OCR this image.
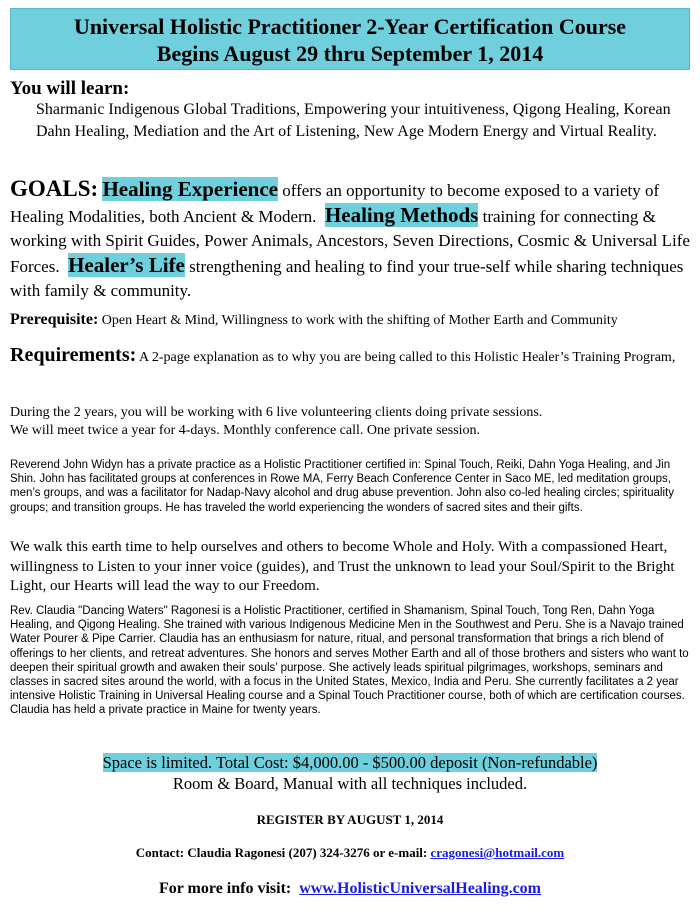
Universal Holistic Practitioner 2-Year Certification Course
Begins August 29 thru September 1, 2014
You will learn:
Sharmanic Indigenous Global Traditions, Empowering your intuitiveness, Qigong Healing, Korean Dahn Healing, Mediation and the Art of Listening, New Age Modern Energy and Virtual Reality.
GOALS: Healing Experience offers an opportunity to become exposed to a variety of Healing Modalities, both Ancient & Modern. Healing Methods training for connecting & working with Spirit Guides, Power Animals, Ancestors, Seven Directions, Cosmic & Universal Life Forces. Healer’s Life strengthening and healing to find your true-self while sharing techniques with family & community.
Prerequisite: Open Heart & Mind, Willingness to work with the shifting of Mother Earth and Community
Requirements: A 2-page explanation as to why you are being called to this Holistic Healer’s Training Program,
During the 2 years, you will be working with 6 live volunteering clients doing private sessions.
We will meet twice a year for 4-days. Monthly conference call. One private session.
Reverend John Widyn has a private practice as a Holistic Practitioner certified in: Spinal Touch, Reiki, Dahn Yoga Healing, and Jin Shin. John has facilitated groups at conferences in Rowe MA, Ferry Beach Conference Center in Saco ME, led meditation groups, men’s groups, and was a facilitator for Nadap-Navy alcohol and drug abuse prevention. John also co-led healing circles; spirituality groups; and transition groups. He has traveled the world experiencing the wonders of sacred sites and their gifts.
We walk this earth time to help ourselves and others to become Whole and Holy. With a compassioned Heart, willingness to Listen to your inner voice (guides), and Trust the unknown to lead your Soul/Spirit to the Bright Light, our Hearts will lead the way to our Freedom.
Rev. Claudia "Dancing Waters" Ragonesi is a Holistic Practitioner, certified in Shamanism, Spinal Touch, Tong Ren, Dahn Yoga Healing, and Qigong Healing. She trained with various Indigenous Medicine Men in the Southwest and Peru. She is a Navajo trained Water Pourer & Pipe Carrier. Claudia has an enthusiasm for nature, ritual, and personal transformation that brings a rich blend of offerings to her clients, and retreat adventures. She honors and serves Mother Earth and all of those brothers and sisters who want to deepen their spiritual growth and awaken their souls’ purpose. She actively leads spiritual pilgrimages, workshops, seminars and classes in sacred sites around the world, with a focus in the United States, Mexico, India and Peru. She currently facilitates a 2 year intensive Holistic Training in Universal Healing course and a Spinal Touch Practitioner course, both of which are certification courses. Claudia has held a private practice in Maine for twenty years.
Space is limited. Total Cost: $4,000.00 - $500.00 deposit (Non-refundable)
Room & Board, Manual with all techniques included.
REGISTER BY AUGUST 1, 2014
Contact: Claudia Ragonesi (207) 324-3276 or e-mail: cragonesi@hotmail.com
For more info visit: www.HolisticUniversalHealing.com
